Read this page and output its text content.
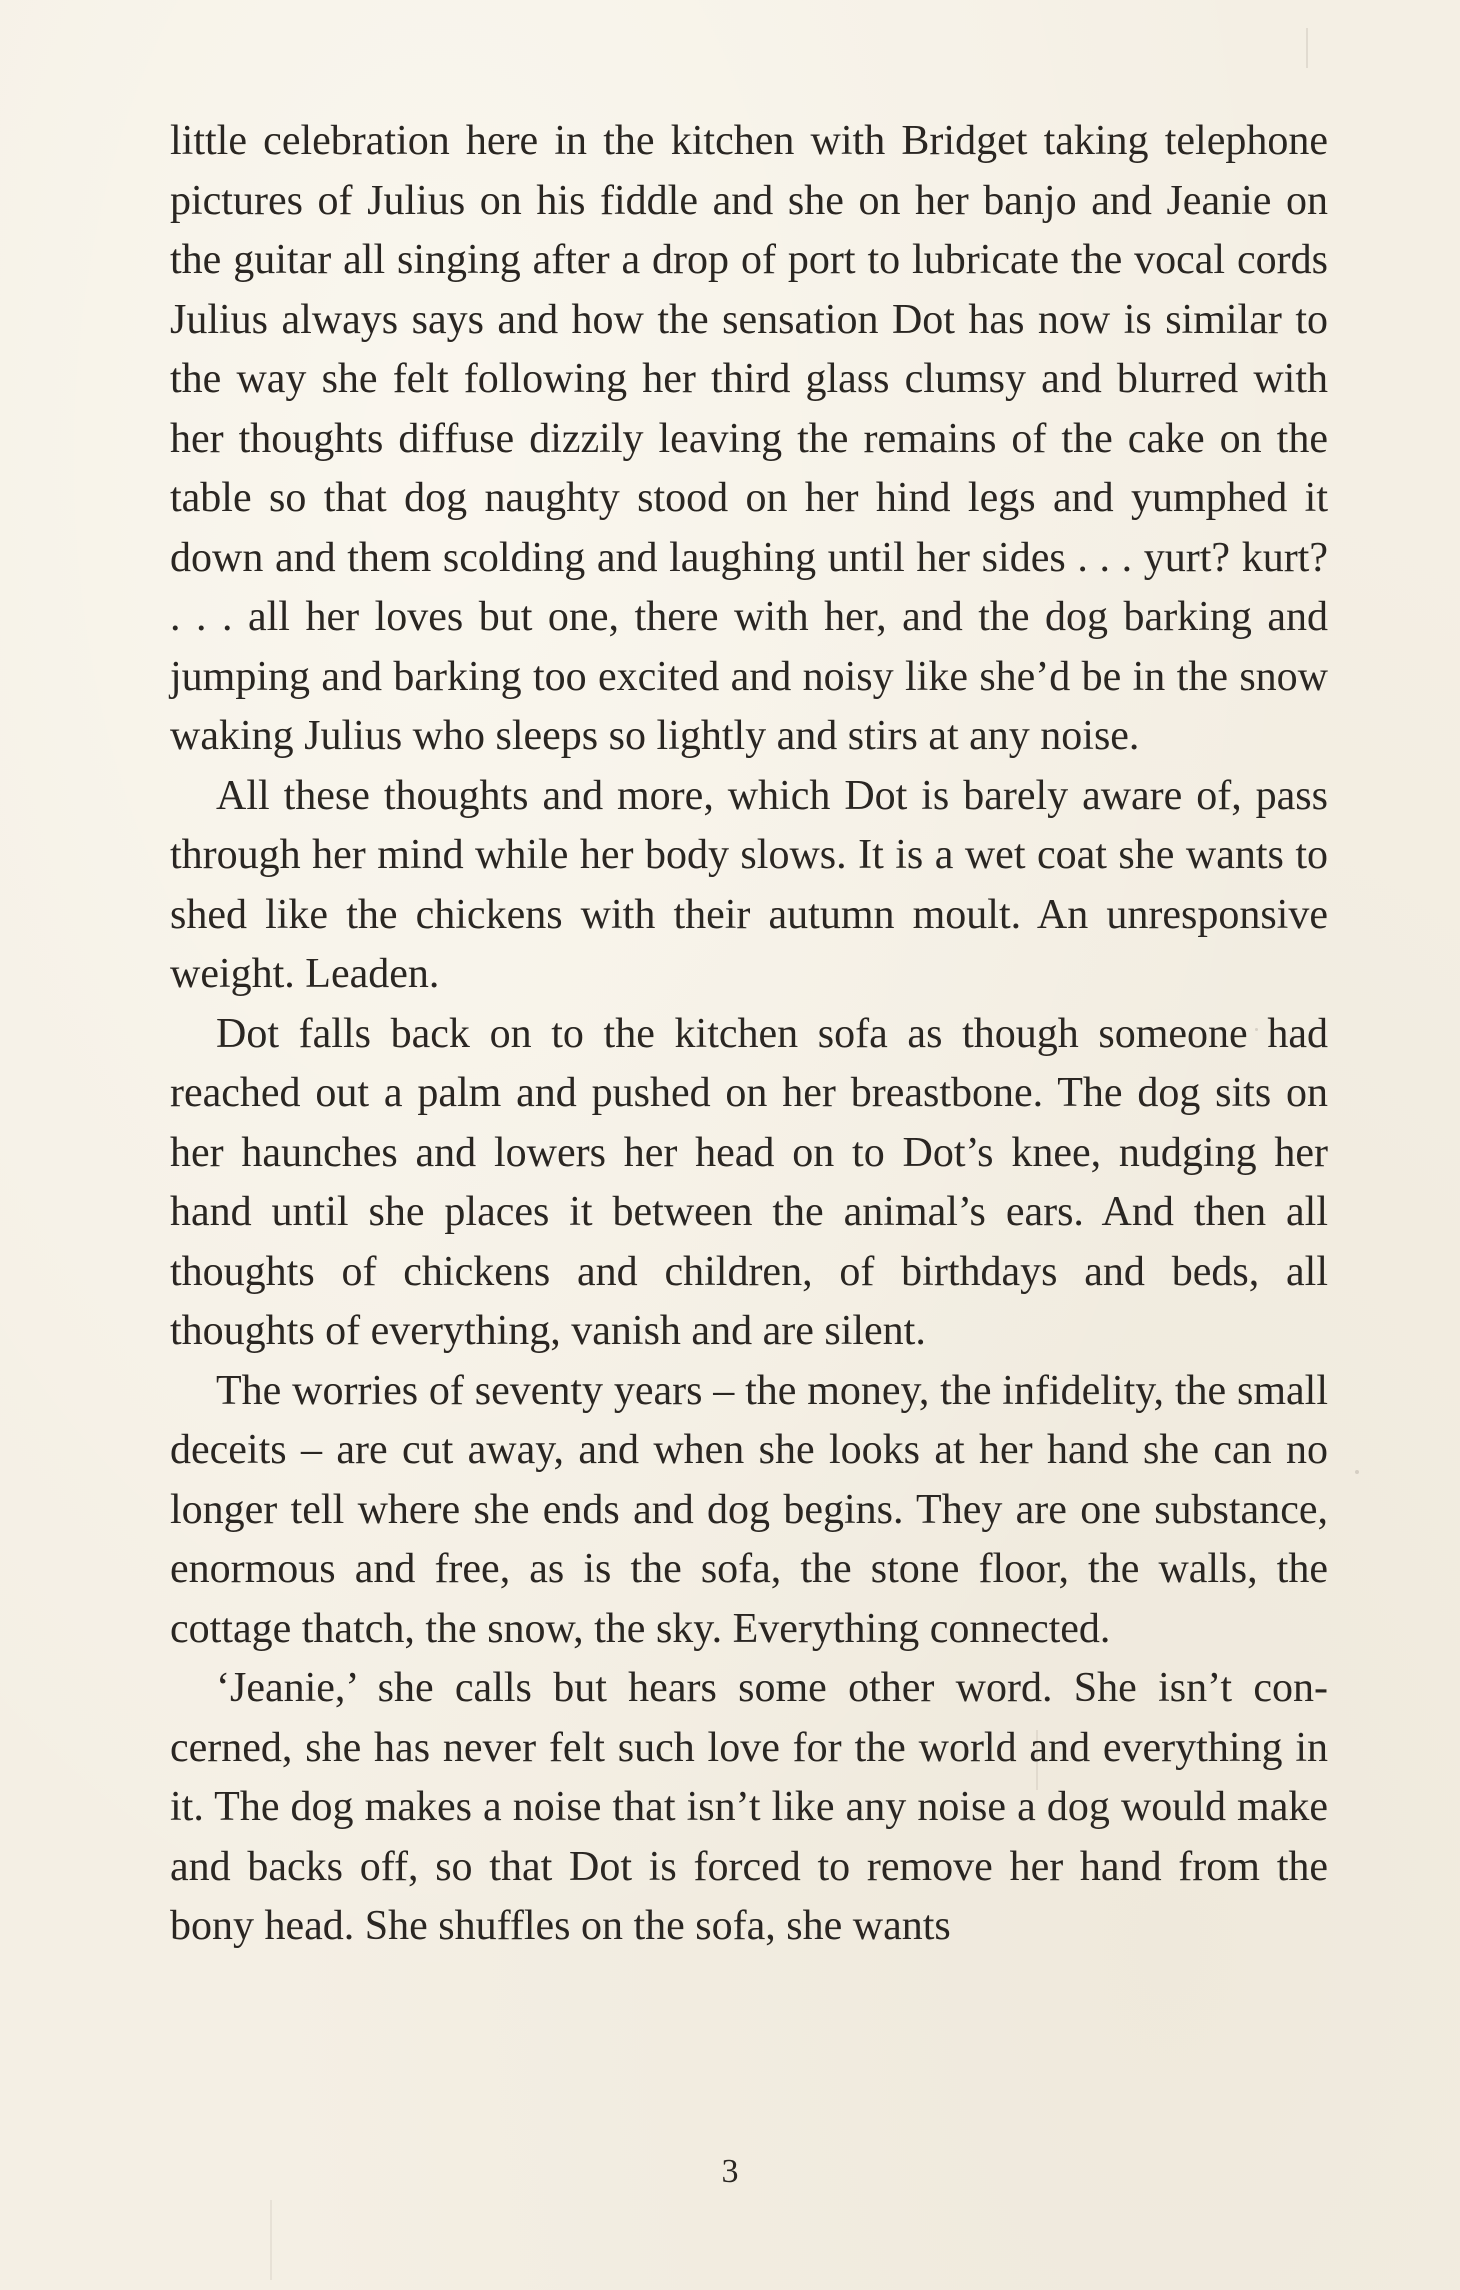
little celebration here in the kitchen with Bridget taking telephone pictures of Julius on his fiddle and she on her banjo and Jeanie on the guitar all singing after a drop of port to lubricate the vocal cords Julius always says and how the sensation Dot has now is similar to the way she felt following her third glass clumsy and blurred with her thoughts diffuse dizzily leaving the remains of the cake on the table so that dog naughty stood on her hind legs and yumphed it down and them scolding and laughing until her sides . . . yurt? kurt? . . . all her loves but one, there with her, and the dog barking and jumping and barking too excited and noisy like she’d be in the snow waking Julius who sleeps so lightly and stirs at any noise.

All these thoughts and more, which Dot is barely aware of, pass through her mind while her body slows. It is a wet coat she wants to shed like the chickens with their autumn moult. An unresponsive weight. Leaden.

Dot falls back on to the kitchen sofa as though someone had reached out a palm and pushed on her breastbone. The dog sits on her haunches and lowers her head on to Dot’s knee, nudging her hand until she places it between the animal’s ears. And then all thoughts of chickens and children, of birthdays and beds, all thoughts of everything, vanish and are silent.

The worries of seventy years – the money, the infidelity, the small deceits – are cut away, and when she looks at her hand she can no longer tell where she ends and dog begins. They are one substance, enormous and free, as is the sofa, the stone floor, the walls, the cottage thatch, the snow, the sky. Everything connected.

‘Jeanie,’ she calls but hears some other word. She isn’t concerned, she has never felt such love for the world and everything in it. The dog makes a noise that isn’t like any noise a dog would make and backs off, so that Dot is forced to remove her hand from the bony head. She shuffles on the sofa, she wants

3
